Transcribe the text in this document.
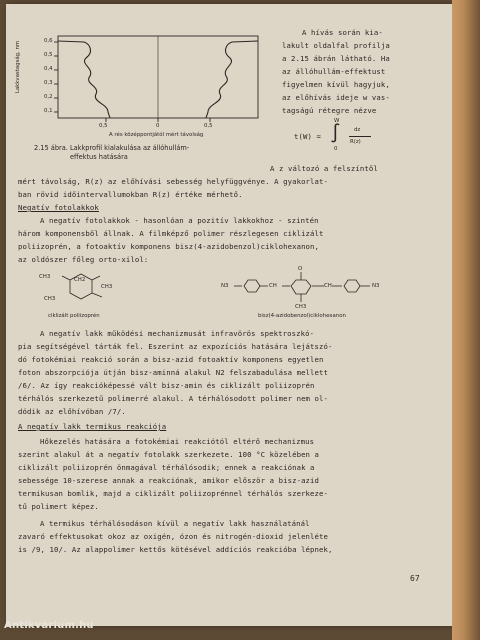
Lakkvastagság, nm	0,6
0,5
0,4
0,3
0,2
0,1
0,5	0	0,5
A rés középpontjától mért távolság
2.15 ábra. Lakkprofil kialakulása az állóhullám-
effektus hatására
A hívás során kia-
lakult oldalfal profilja
a 2.15 ábrán látható. Ha
az állóhullám-effektust
figyelmen kívül hagyjuk,
az előhívás ideje w vas-
tagságú rétegre nézve
t(W) = ∫
W
0
dz
R(z)
A z változó a felszíntől
mért távolság, R(z) az előhívási sebesség helyfüggvénye. A gyakorlat-
ban rövid időintervallumokban R(z) értéke mérhető.
Negatív fotolakkok
A negatív fotolakkok - hasonlóan a pozitív lakkokhoz - szintén
három komponensből állnak. A filmképző polimer részlegesen ciklizált
poliizoprén, a fotoaktív komponens bisz(4-azidobenzol)ciklohexanon,
az oldószer főleg orto-xilol:
CH3	CH2
CH3
CH3
ciklizált poliizoprén
N3	CH
O
CH	N3
CH3
bisz(4-azidobenzol)ciklohexanon
A negatív lakk működési mechanizmusát infravörös spektroszkó-
pia segítségével tárták fel. Eszerint az expozíciós hatására lejátszó-
dó fotokémiai reakció során a bisz-azid fotoaktív komponens egyetlen
foton abszorpciója útján bisz-aminná alakul N2 felszabadulása mellett
/6/. Az így reakcióképessé vált bisz-amin és ciklizált poliizoprén
térhálós szerkezetű polimerré alakul. A térhálósodott polimer nem ol-
dódik az előhívóban /7/.
A negatív lakk termikus reakciója
Hőkezelés hatására a fotokémiai reakciótól eltérő mechanizmus
szerint alakul át a negatív fotolakk szerkezete. 100 °C közelében a
ciklizált poliizoprén önmagával térhálósodik; ennek a reakciónak a
sebessége 10-szerese annak a reakciónak, amikor először a bisz-azid
termikusan bomlik, majd a ciklizált poliizoprénnel térhálós szerkeze-
tű polimert képez.
A termikus térhálósodáson kívül a negatív lakk használatánál
zavaró effektusokat okoz az oxigén, ózon és nitrogén-dioxid jelenléte
is /9, 10/. Az alappolimer kettős kötésével addíciós reakcióba lépnek,
67
Antikvarium.hu
